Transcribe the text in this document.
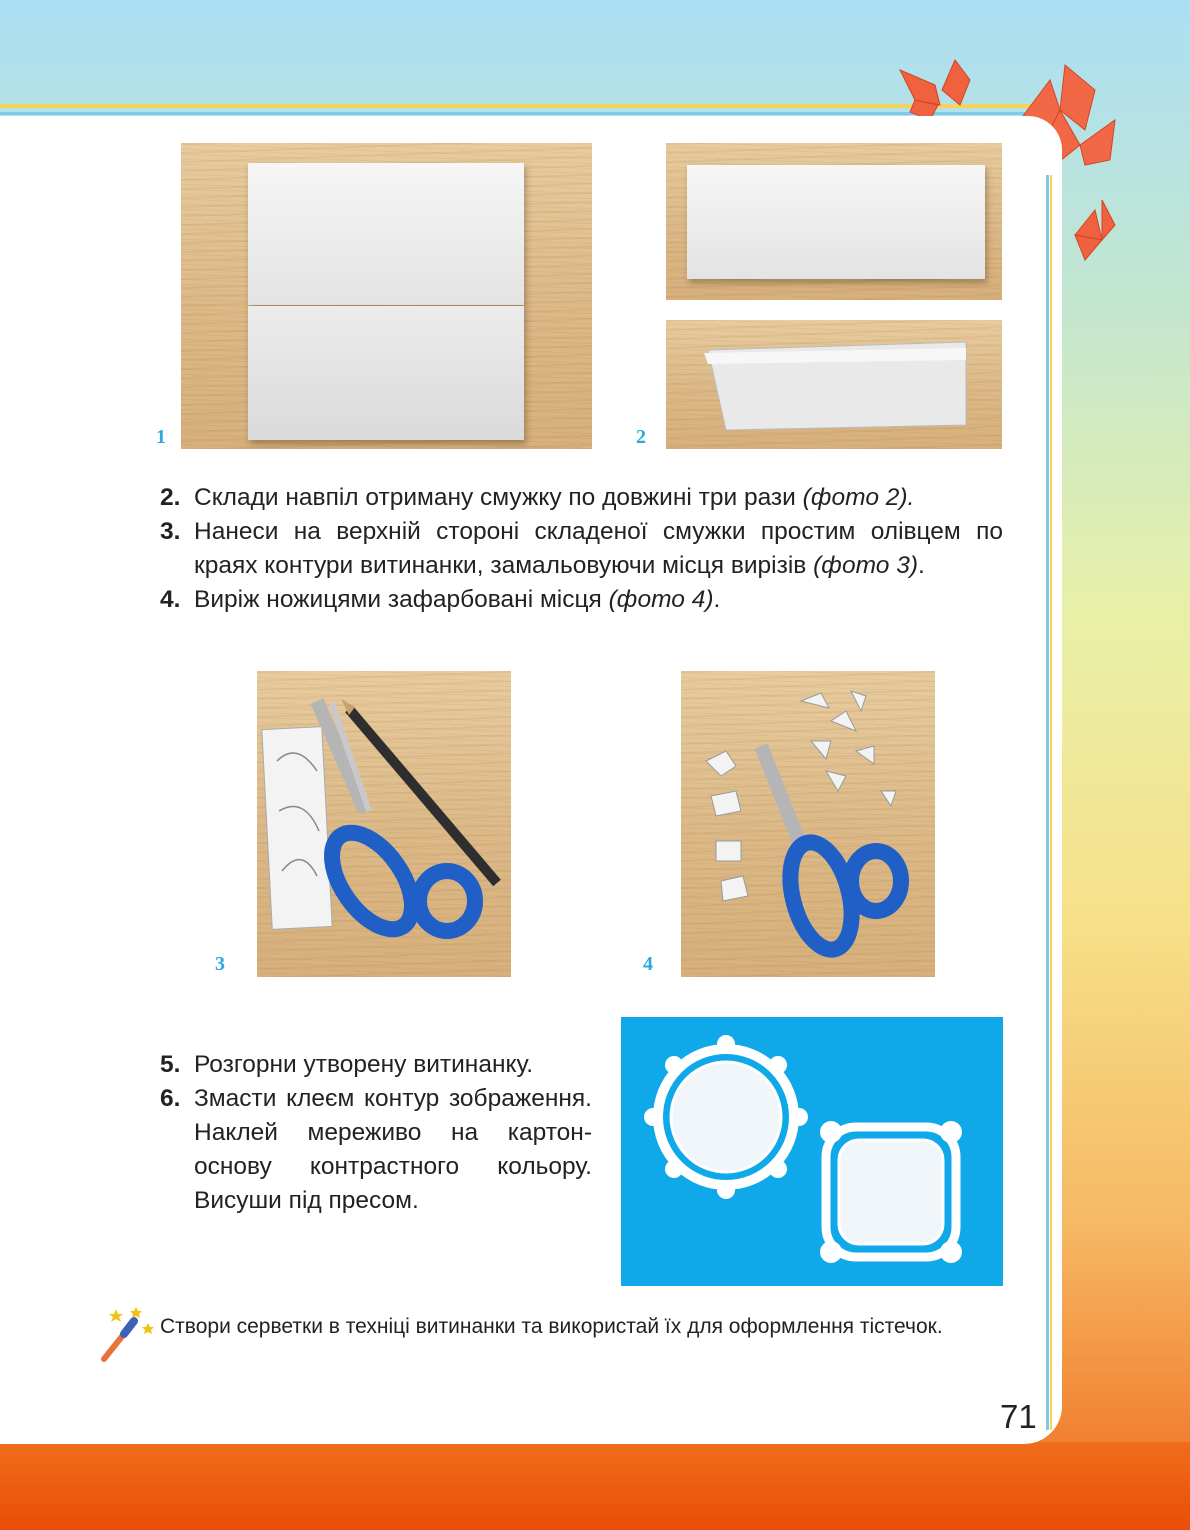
1	2

2. Склади навпіл отриману смужку по довжині три рази (фото 2).

3. Нанеси на верхній стороні складеної смужки простим олівцем по краях контури витинанки, замальовуючи місця вирізів (фото 3).

4. Виріж ножицями зафарбовані місця (фото 4).

3	4

5. Розгорни утворену витинанку.

6. Змасти клеєм контур зображення. Наклей мереживо на картон-основу контрастного кольору. Висуши під пресом.

Створи серветки в техніці витинанки та використай їх для оформлення тістечок.
71
